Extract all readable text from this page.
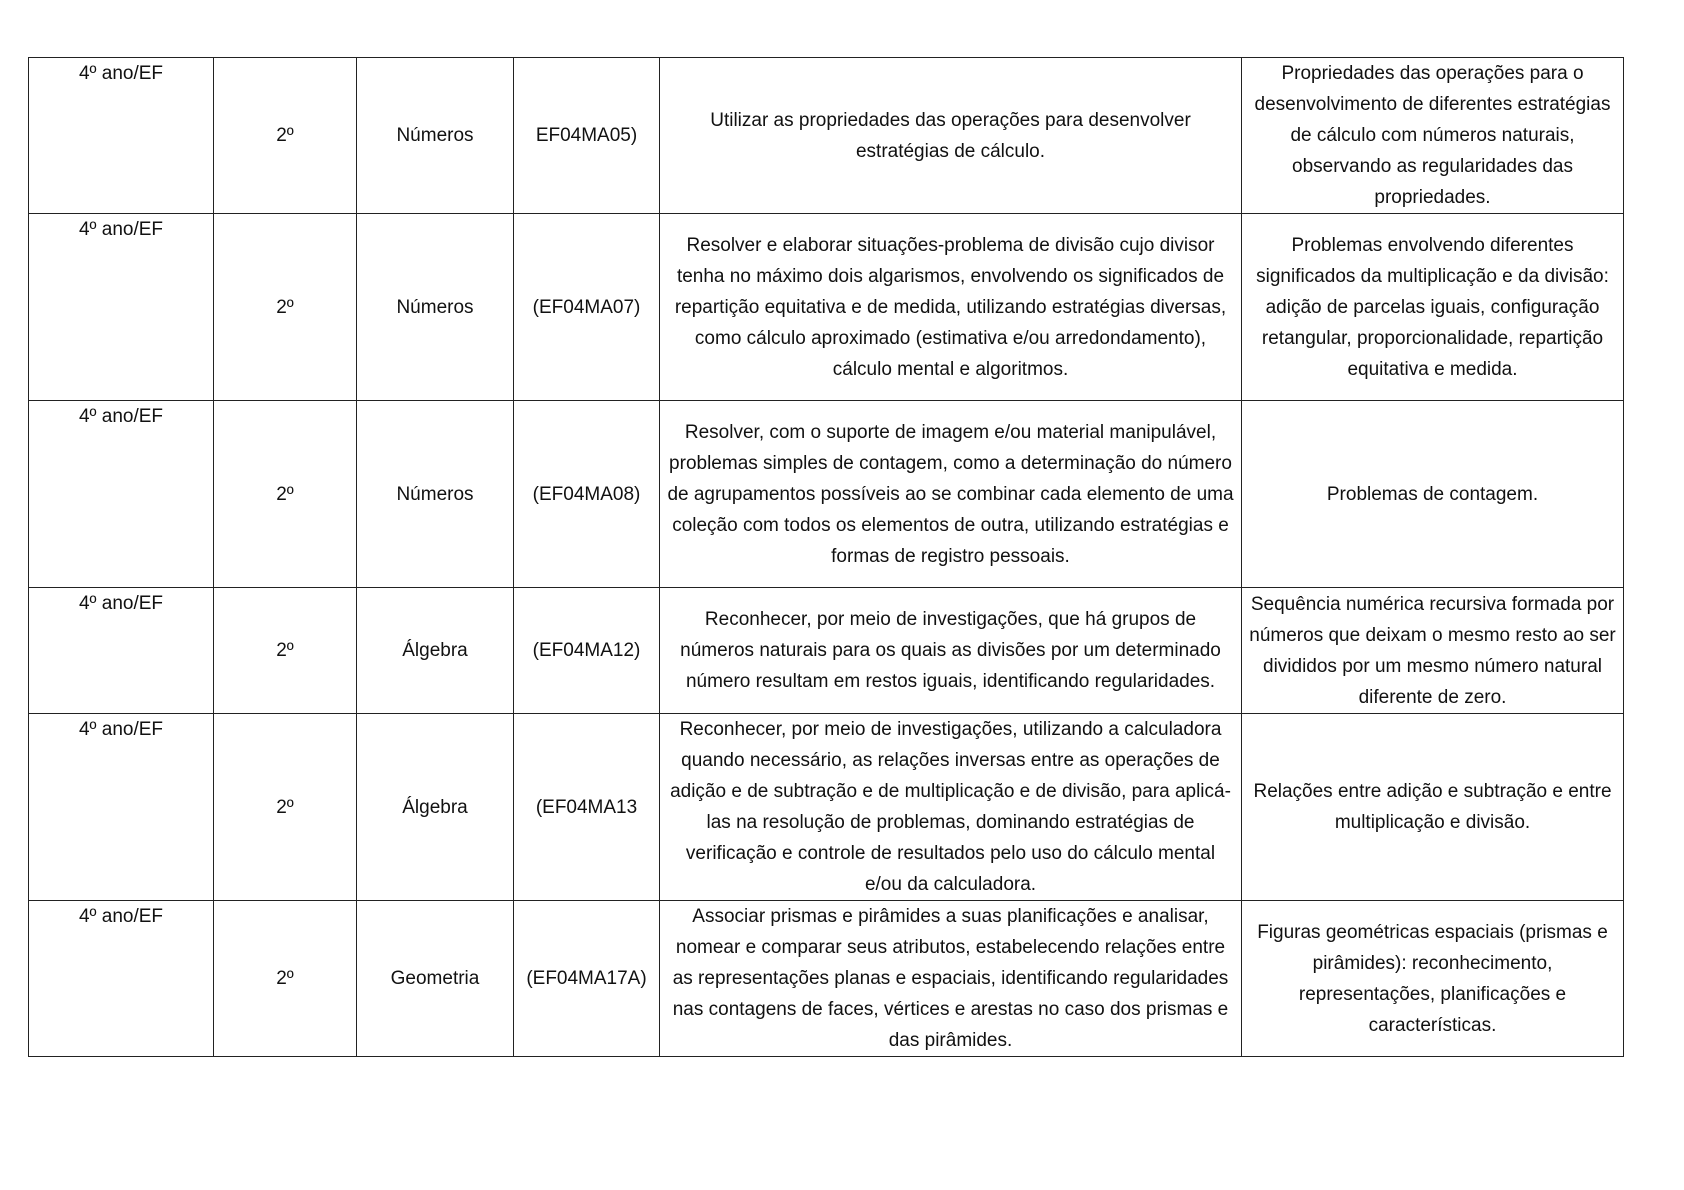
4º ano/EF	2º	Números	EF04MA05)	Utilizar as propriedades das operações para desenvolver estratégias de cálculo.	Propriedades das operações para o desenvolvimento de diferentes estratégias de cálculo com números naturais, observando as regularidades das propriedades.
4º ano/EF	2º	Números	(EF04MA07)	Resolver e elaborar situações-problema de divisão cujo divisor tenha no máximo dois algarismos, envolvendo os significados de repartição equitativa e de medida, utilizando estratégias diversas, como cálculo aproximado (estimativa e/ou arredondamento), cálculo mental e algoritmos.	Problemas envolvendo diferentes significados da multiplicação e da divisão: adição de parcelas iguais, configuração retangular, proporcionalidade, repartição equitativa e medida.
4º ano/EF	2º	Números	(EF04MA08)	Resolver, com o suporte de imagem e/ou material manipulável, problemas simples de contagem, como a determinação do número de agrupamentos possíveis ao se combinar cada elemento de uma coleção com todos os elementos de outra, utilizando estratégias e formas de registro pessoais.	Problemas de contagem.
4º ano/EF	2º	Álgebra	(EF04MA12)	Reconhecer, por meio de investigações, que há grupos de números naturais para os quais as divisões por um determinado número resultam em restos iguais, identificando regularidades.	Sequência numérica recursiva formada por números que deixam o mesmo resto ao ser divididos por um mesmo número natural diferente de zero.
4º ano/EF	2º	Álgebra	(EF04MA13	Reconhecer, por meio de investigações, utilizando a calculadora quando necessário, as relações inversas entre as operações de adição e de subtração e de multiplicação e de divisão, para aplicá-las na resolução de problemas, dominando estratégias de verificação e controle de resultados pelo uso do cálculo mental e/ou da calculadora.	Relações entre adição e subtração e entre multiplicação e divisão.
4º ano/EF	2º	Geometria	(EF04MA17A)	Associar prismas e pirâmides a suas planificações e analisar, nomear e comparar seus atributos, estabelecendo relações entre as representações planas e espaciais, identificando regularidades nas contagens de faces, vértices e arestas no caso dos prismas e das pirâmides.	Figuras geométricas espaciais (prismas e pirâmides): reconhecimento, representações, planificações e características.
